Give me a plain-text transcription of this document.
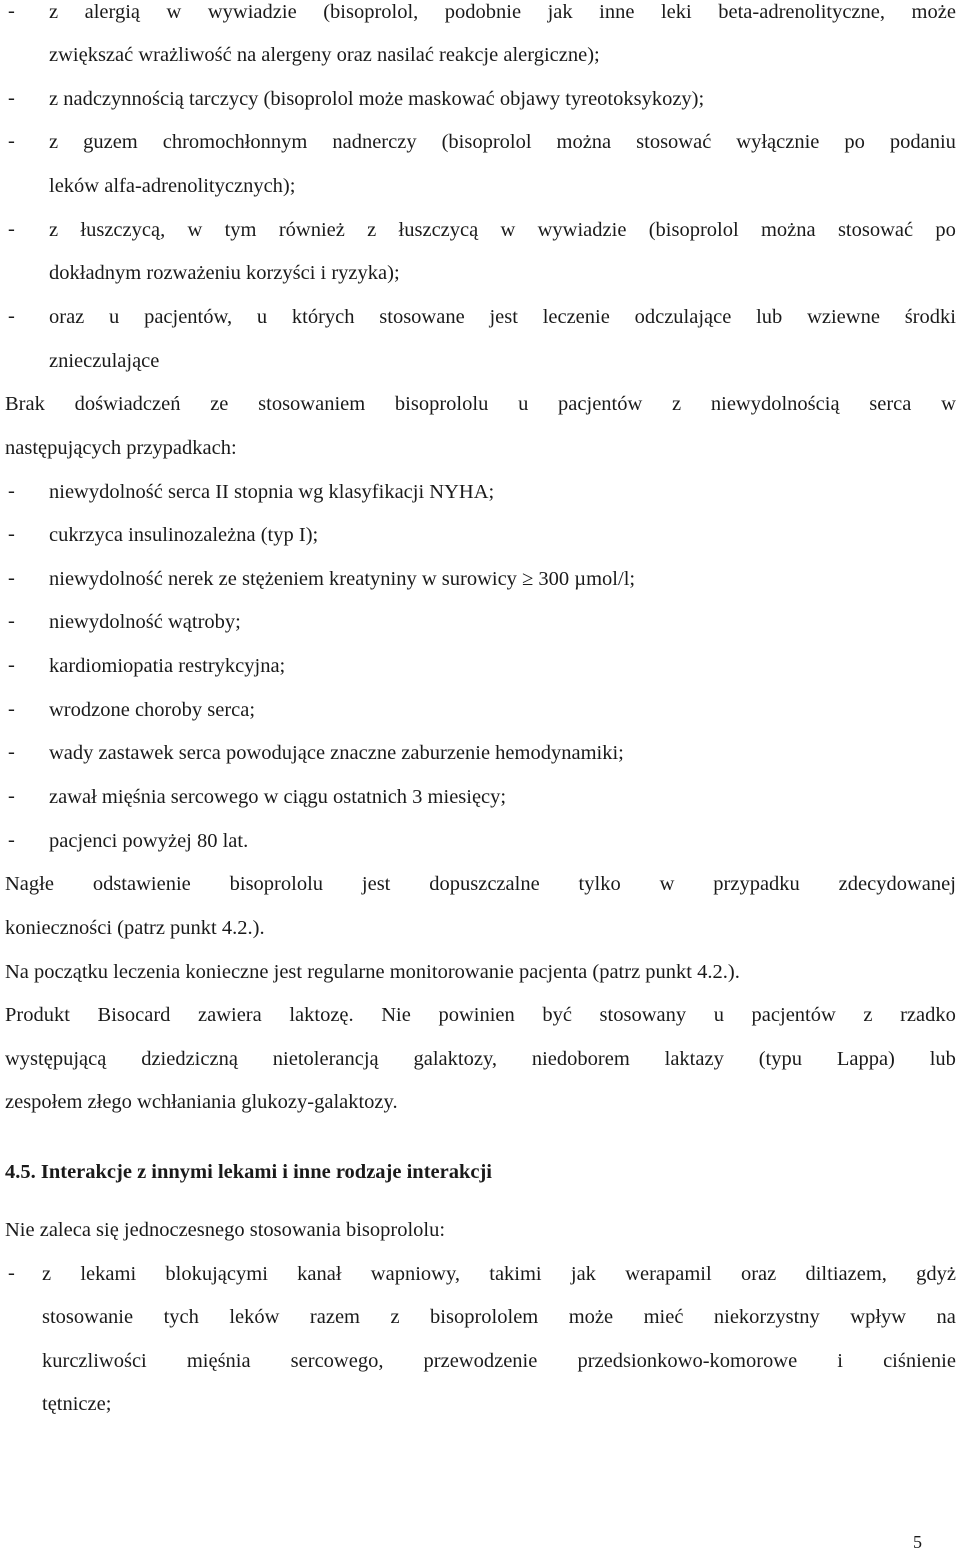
- z alergią w wywiadzie (bisoprolol, podobnie jak inne leki beta-adrenolityczne, może
zwiększać wrażliwość na alergeny oraz nasilać reakcje alergiczne);
- z nadczynnością tarczycy (bisoprolol może maskować objawy tyreotoksykozy);
- z guzem chromochłonnym nadnerczy (bisoprolol można stosować wyłącznie po podaniu
leków alfa-adrenolitycznych);
- z łuszczycą, w tym również z łuszczycą w wywiadzie (bisoprolol można stosować po
dokładnym rozważeniu korzyści i ryzyka);
- oraz u pacjentów, u których stosowane jest leczenie odczulające lub wziewne środki
znieczulające
Brak doświadczeń ze stosowaniem bisoprololu u pacjentów z niewydolnością serca w
następujących przypadkach:
- niewydolność serca II stopnia wg klasyfikacji NYHA;
- cukrzyca insulinozależna (typ I);
- niewydolność nerek ze stężeniem kreatyniny w surowicy ≥ 300 µmol/l;
- niewydolność wątroby;
- kardiomiopatia restrykcyjna;
- wrodzone choroby serca;
- wady zastawek serca powodujące znaczne zaburzenie hemodynamiki;
- zawał mięśnia sercowego w ciągu ostatnich 3 miesięcy;
- pacjenci powyżej 80 lat.
Nagłe odstawienie bisoprololu jest dopuszczalne tylko w przypadku zdecydowanej
konieczności (patrz punkt 4.2.).
Na początku leczenia konieczne jest regularne monitorowanie pacjenta (patrz punkt 4.2.).
Produkt Bisocard zawiera laktozę. Nie powinien być stosowany u pacjentów z rzadko
występującą dziedziczną nietolerancją galaktozy, niedoborem laktazy (typu Lappa) lub
zespołem złego wchłaniania glukozy-galaktozy.
4.5. Interakcje z innymi lekami i inne rodzaje interakcji
Nie zaleca się jednoczesnego stosowania bisoprololu:
- z lekami blokującymi kanał wapniowy, takimi jak werapamil oraz diltiazem, gdyż
stosowanie tych leków razem z bisoprololem może mieć niekorzystny wpływ na
kurczliwości mięśnia sercowego, przewodzenie przedsionkowo-komorowe i ciśnienie
tętnicze;
5
